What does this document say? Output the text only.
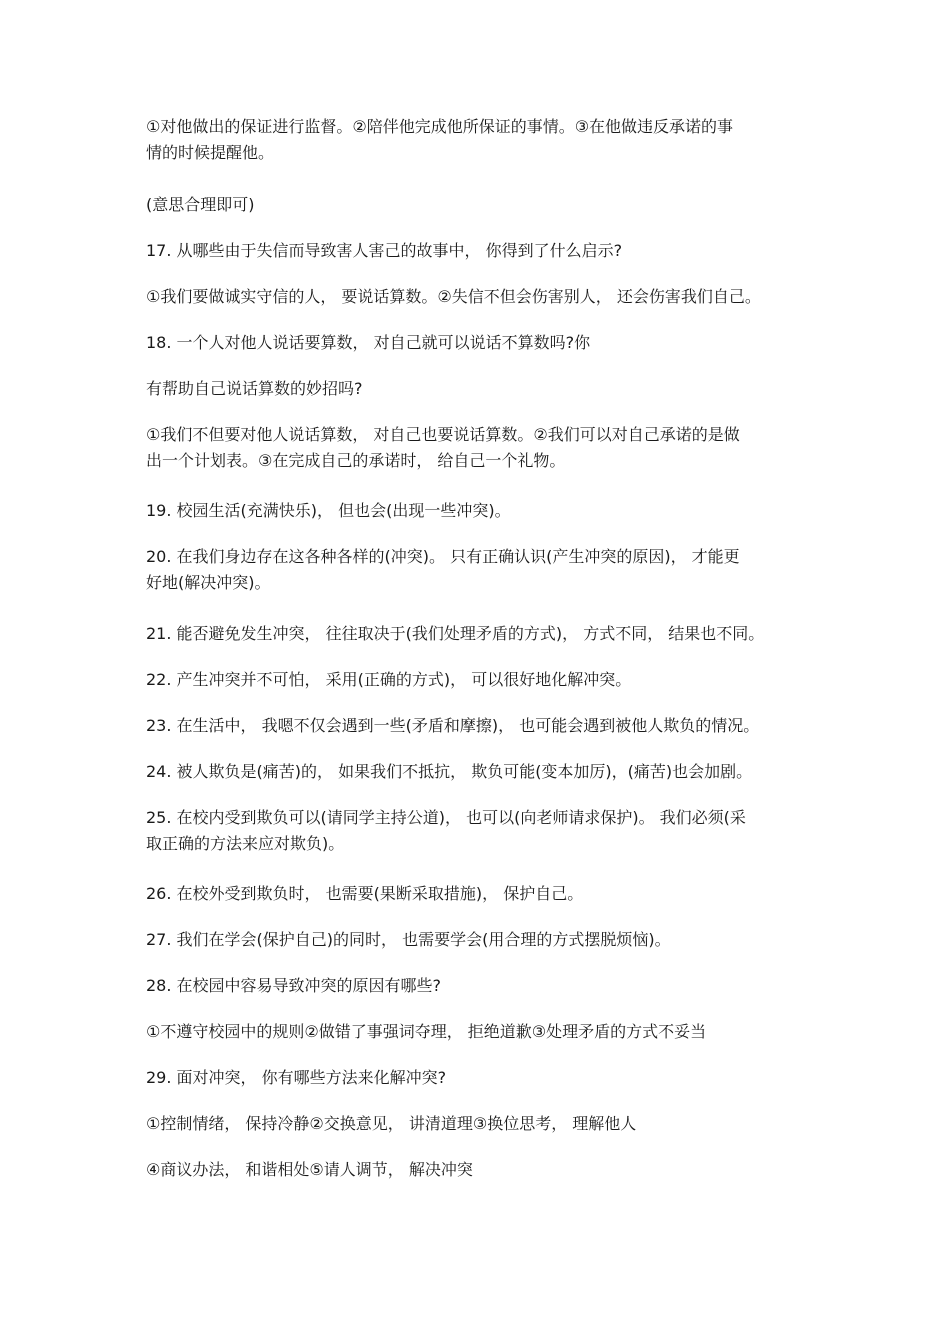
①对他做出的保证进行监督。②陪伴他完成他所保证的事情。③在他做违反承诺的事
情的时候提醒他。

(意思合理即可)

17. 从哪些由于失信而导致害人害己的故事中， 你得到了什么启示?

①我们要做诚实守信的人， 要说话算数。②失信不但会伤害别人， 还会伤害我们自己。

18. 一个人对他人说话要算数， 对自己就可以说话不算数吗?你

有帮助自己说话算数的妙招吗?

①我们不但要对他人说话算数， 对自己也要说话算数。②我们可以对自己承诺的是做
出一个计划表。③在完成自己的承诺时， 给自己一个礼物。

19. 校园生活(充满快乐)， 但也会(出现一些冲突)。

20. 在我们身边存在这各种各样的(冲突)。 只有正确认识(产生冲突的原因)， 才能更
好地(解决冲突)。

21. 能否避免发生冲突， 往往取决于(我们处理矛盾的方式)， 方式不同， 结果也不同。

22. 产生冲突并不可怕， 采用(正确的方式)， 可以很好地化解冲突。

23. 在生活中， 我嗯不仅会遇到一些(矛盾和摩擦)， 也可能会遇到被他人欺负的情况。

24. 被人欺负是(痛苦)的， 如果我们不抵抗， 欺负可能(变本加厉)，(痛苦)也会加剧。

25. 在校内受到欺负可以(请同学主持公道)， 也可以(向老师请求保护)。 我们必须(采
取正确的方法来应对欺负)。

26. 在校外受到欺负时， 也需要(果断采取措施)， 保护自己。

27. 我们在学会(保护自己)的同时， 也需要学会(用合理的方式摆脱烦恼)。

28. 在校园中容易导致冲突的原因有哪些?

①不遵守校园中的规则②做错了事强词夺理， 拒绝道歉③处理矛盾的方式不妥当

29. 面对冲突， 你有哪些方法来化解冲突?

①控制情绪， 保持冷静②交换意见， 讲清道理③换位思考， 理解他人

④商议办法， 和谐相处⑤请人调节， 解决冲突
